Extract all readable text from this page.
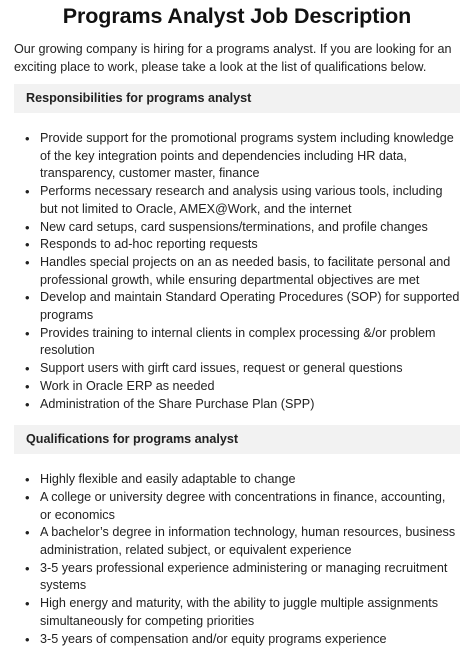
Programs Analyst Job Description

Our growing company is hiring for a programs analyst. If you are looking for an exciting place to work, please take a look at the list of qualifications below.

Responsibilities for programs analyst
• Provide support for the promotional programs system including knowledge of the key integration points and dependencies including HR data, transparency, customer master, finance
• Performs necessary research and analysis using various tools, including but not limited to Oracle, AMEX@Work, and the internet
• New card setups, card suspensions/terminations, and profile changes
• Responds to ad-hoc reporting requests
• Handles special projects on an as needed basis, to facilitate personal and professional growth, while ensuring departmental objectives are met
• Develop and maintain Standard Operating Procedures (SOP) for supported programs
• Provides training to internal clients in complex processing &/or problem resolution
• Support users with girft card issues, request or general questions
• Work in Oracle ERP as needed
• Administration of the Share Purchase Plan (SPP)
Qualifications for programs analyst
• Highly flexible and easily adaptable to change
• A college or university degree with concentrations in finance, accounting, or economics
• A bachelor’s degree in information technology, human resources, business administration, related subject, or equivalent experience
• 3-5 years professional experience administering or managing recruitment systems
• High energy and maturity, with the ability to juggle multiple assignments simultaneously for competing priorities
• 3-5 years of compensation and/or equity programs experience
